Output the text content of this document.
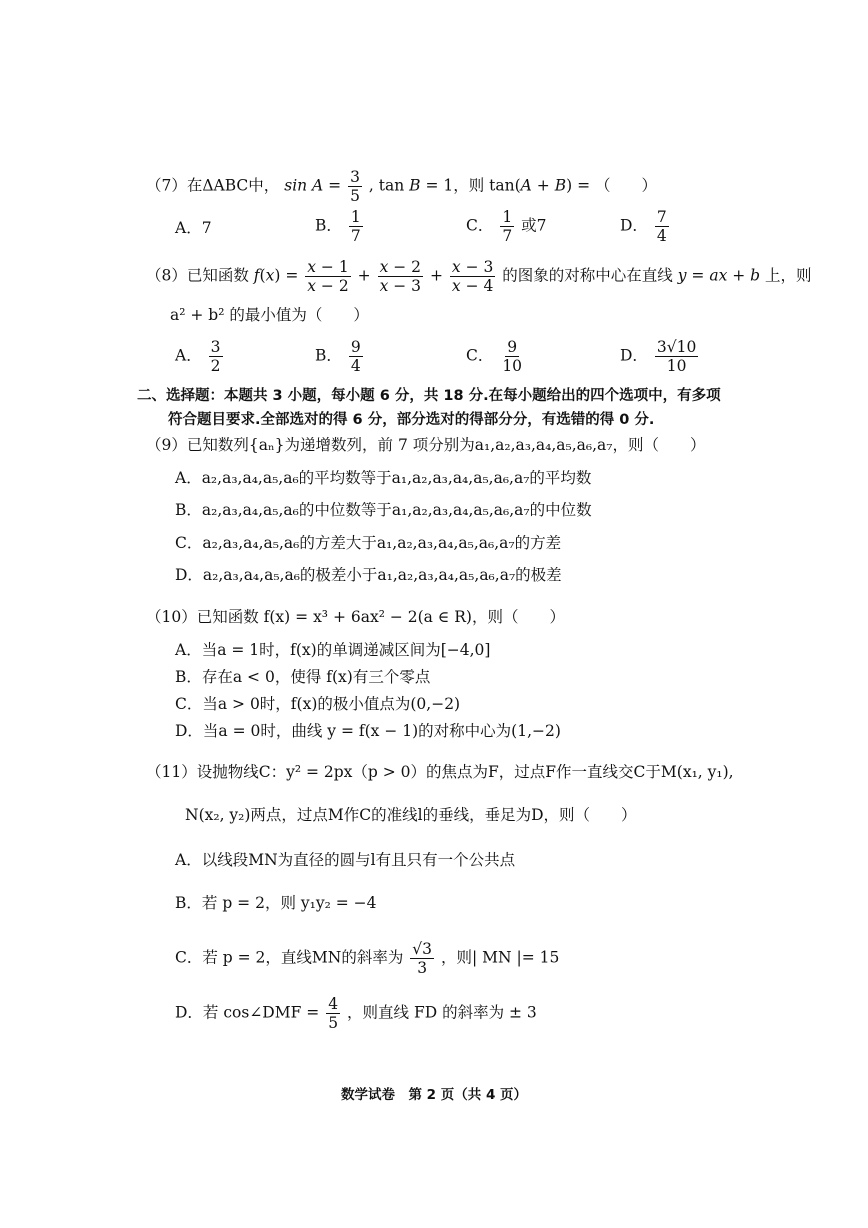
（7）在ΔABC中， $\sin A = \frac{3}{5}$ , tan B = 1，则 tan(A + B) = （　　）
A．7	B． $\frac{1}{7}$	C． $\frac{1}{7}$ 或7	D． $\frac{7}{4}$
（8）已知函数 $f(x) = \frac{x - 1}{x - 2} + \frac{x - 2}{x - 3} + \frac{x - 3}{x - 4}$ 的图象的对称中心在直线 y = ax + b 上，则
a² + b² 的最小值为（　　）
A． $\frac{3}{2}$	B． $\frac{9}{4}$	C． $\frac{9}{10}$	D． $\frac{3√10}{10}$
二、选择题：本题共 3 小题，每小题 6 分，共 18 分.在每小题给出的四个选项中，有多项
符合题目要求.全部选对的得 6 分，部分选对的得部分分，有选错的得 0 分.
（9）已知数列{aₙ}为递增数列，前 7 项分别为a₁,a₂,a₃,a₄,a₅,a₆,a₇，则（　　）
A．a₂,a₃,a₄,a₅,a₆的平均数等于a₁,a₂,a₃,a₄,a₅,a₆,a₇的平均数
B．a₂,a₃,a₄,a₅,a₆的中位数等于a₁,a₂,a₃,a₄,a₅,a₆,a₇的中位数
C．a₂,a₃,a₄,a₅,a₆的方差大于a₁,a₂,a₃,a₄,a₅,a₆,a₇的方差
D．a₂,a₃,a₄,a₅,a₆的极差小于a₁,a₂,a₃,a₄,a₅,a₆,a₇的极差
（10）已知函数 f(x) = x³ + 6ax² − 2(a ∈ R)，则（　　）
A．当a = 1时，f(x)的单调递减区间为[−4,0]
B．存在a < 0，使得 f(x)有三个零点
C．当a > 0时，f(x)的极小值点为(0,−2)
D．当a = 0时，曲线 y = f(x − 1)的对称中心为(1,−2)
（11）设抛物线C：y² = 2px（p > 0）的焦点为F，过点F作一直线交C于M(x₁, y₁),
N(x₂, y₂)两点，过点M作C的准线l的垂线，垂足为D，则（　　）
A．以线段MN为直径的圆与l有且只有一个公共点
B．若 p = 2，则 y₁y₂ = −4
C．若 p = 2，直线MN的斜率为 $\frac{√3}{3}$ ，则| MN |= 15
D．若 cos∠DMF = $\frac{4}{5}$ ，则直线 FD 的斜率为 ± 3
数学试卷　第 2 页（共 4 页）
